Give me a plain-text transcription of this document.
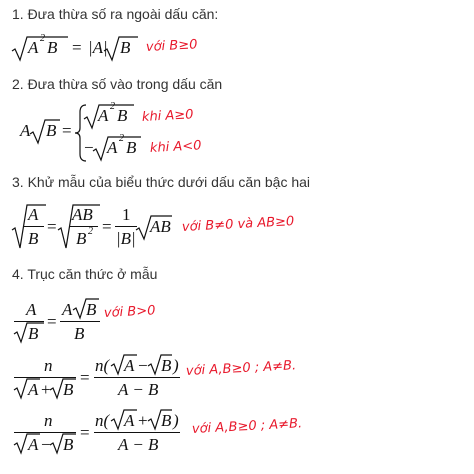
1. Đưa thừa số ra ngoài dấu căn:
A 2 B = |A| B với B≥0
2. Đưa thừa số vào trong dấu căn
A B =
A 2 B khi A≥0
− A 2 B khi A<0
3. Khử mẫu của biểu thức dưới dấu căn bậc hai
A
B
=
AB
B 2 =
1
|B|
AB với B≠0 và AB≥0
4. Trục căn thức ở mẫu
A
B
=
A B
B
với B>0
n
A + B
=
n( A − B )
A − B
với A,B≥0 ; A≠B.
n
A − B
=
n( A + B )
A − B
với A,B≥0 ; A≠B.
